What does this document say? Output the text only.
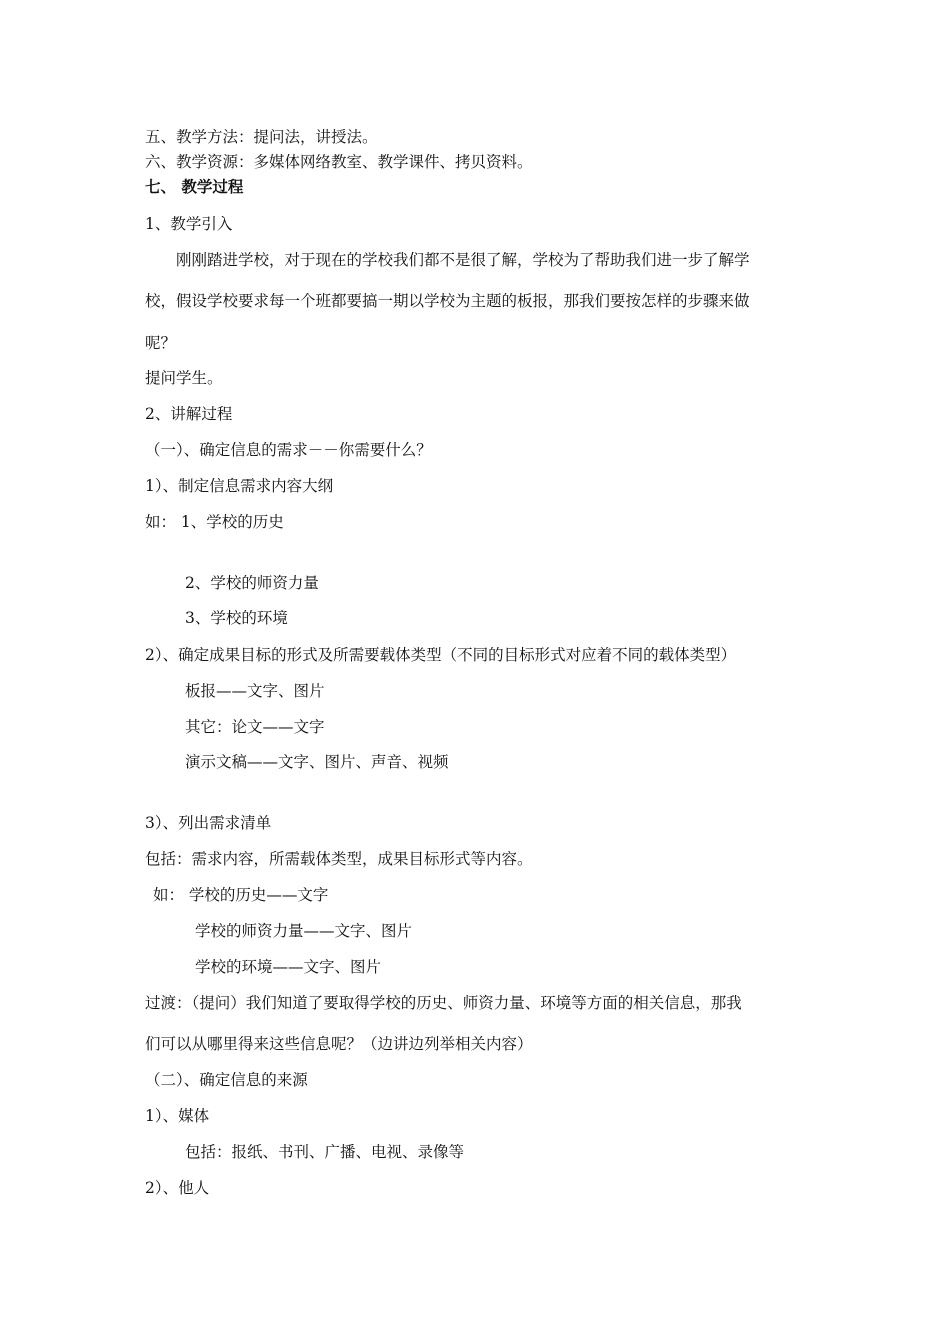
五、教学方法：提问法，讲授法。
六、教学资源：多媒体网络教室、教学课件、拷贝资料。
七、 教学过程
1、教学引入
刚刚踏进学校，对于现在的学校我们都不是很了解，学校为了帮助我们进一步了解学
校，假设学校要求每一个班都要搞一期以学校为主题的板报，那我们要按怎样的步骤来做
呢？
提问学生。
2、讲解过程
（一）、确定信息的需求－－你需要什么？
1）、制定信息需求内容大纲
如： 1、学校的历史
2、学校的师资力量
3、学校的环境
2）、确定成果目标的形式及所需要载体类型（不同的目标形式对应着不同的载体类型）
板报——文字、图片
其它：论文——文字
演示文稿——文字、图片、声音、视频
3）、列出需求清单
包括：需求内容，所需载体类型，成果目标形式等内容。
如： 学校的历史——文字
学校的师资力量——文字、图片
学校的环境——文字、图片
过渡：（提问）我们知道了要取得学校的历史、师资力量、环境等方面的相关信息，那我
们可以从哪里得来这些信息呢？（边讲边列举相关内容）
（二）、确定信息的来源
1）、媒体
包括：报纸、书刊、广播、电视、录像等
2）、他人
